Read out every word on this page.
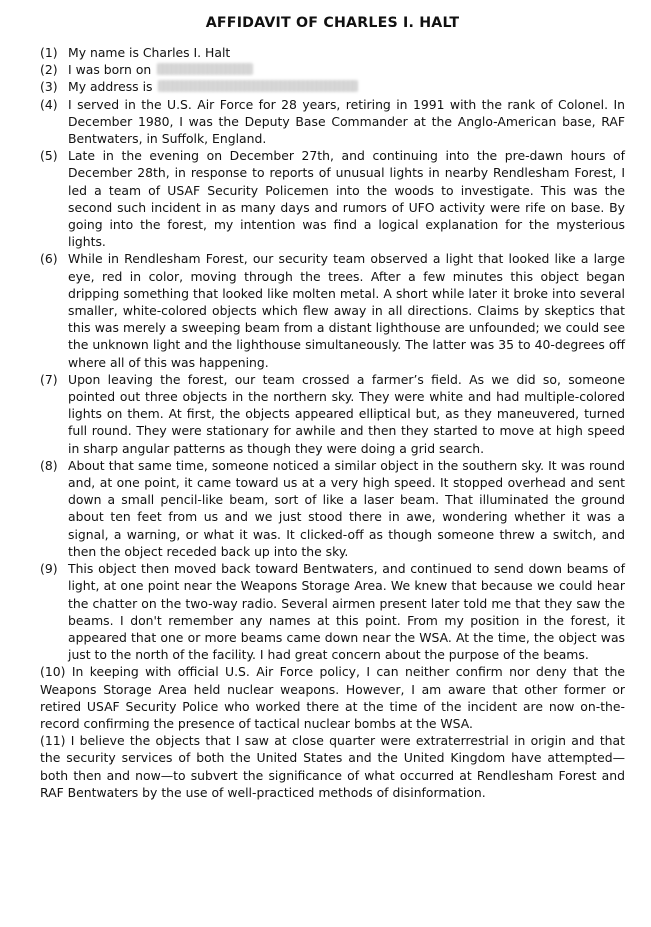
AFFIDAVIT OF CHARLES I. HALT
(1) My name is Charles I. Halt
(2) I was born on
(3) My address is
(4) I served in the U.S. Air Force for 28 years, retiring in 1991 with the rank of Colonel. In December 1980, I was the Deputy Base Commander at the Anglo-American base, RAF Bentwaters, in Suffolk, England.
(5) Late in the evening on December 27th, and continuing into the pre-dawn hours of December 28th, in response to reports of unusual lights in nearby Rendlesham Forest, I led a team of USAF Security Policemen into the woods to investigate. This was the second such incident in as many days and rumors of UFO activity were rife on base. By going into the forest, my intention was find a logical explanation for the mysterious lights.
(6) While in Rendlesham Forest, our security team observed a light that looked like a large eye, red in color, moving through the trees. After a few minutes this object began dripping something that looked like molten metal. A short while later it broke into several smaller, white-colored objects which flew away in all directions. Claims by skeptics that this was merely a sweeping beam from a distant lighthouse are unfounded; we could see the unknown light and the lighthouse simultaneously. The latter was 35 to 40-degrees off where all of this was happening.
(7) Upon leaving the forest, our team crossed a farmer’s field. As we did so, someone pointed out three objects in the northern sky. They were white and had multiple-colored lights on them. At first, the objects appeared elliptical but, as they maneuvered, turned full round. They were stationary for awhile and then they started to move at high speed in sharp angular patterns as though they were doing a grid search.
(8) About that same time, someone noticed a similar object in the southern sky. It was round and, at one point, it came toward us at a very high speed. It stopped overhead and sent down a small pencil-like beam, sort of like a laser beam. That illuminated the ground about ten feet from us and we just stood there in awe, wondering whether it was a signal, a warning, or what it was. It clicked-off as though someone threw a switch, and then the object receded back up into the sky.
(9) This object then moved back toward Bentwaters, and continued to send down beams of light, at one point near the Weapons Storage Area. We knew that because we could hear the chatter on the two-way radio. Several airmen present later told me that they saw the beams. I don't remember any names at this point. From my position in the forest, it appeared that one or more beams came down near the WSA. At the time, the object was just to the north of the facility. I had great concern about the purpose of the beams.
(10) In keeping with official U.S. Air Force policy, I can neither confirm nor deny that the Weapons Storage Area held nuclear weapons. However, I am aware that other former or retired USAF Security Police who worked there at the time of the incident are now on-the-record confirming the presence of tactical nuclear bombs at the WSA.
(11) I believe the objects that I saw at close quarter were extraterrestrial in origin and that the security services of both the United States and the United Kingdom have attempted—both then and now—to subvert the significance of what occurred at Rendlesham Forest and RAF Bentwaters by the use of well-practiced methods of disinformation.
